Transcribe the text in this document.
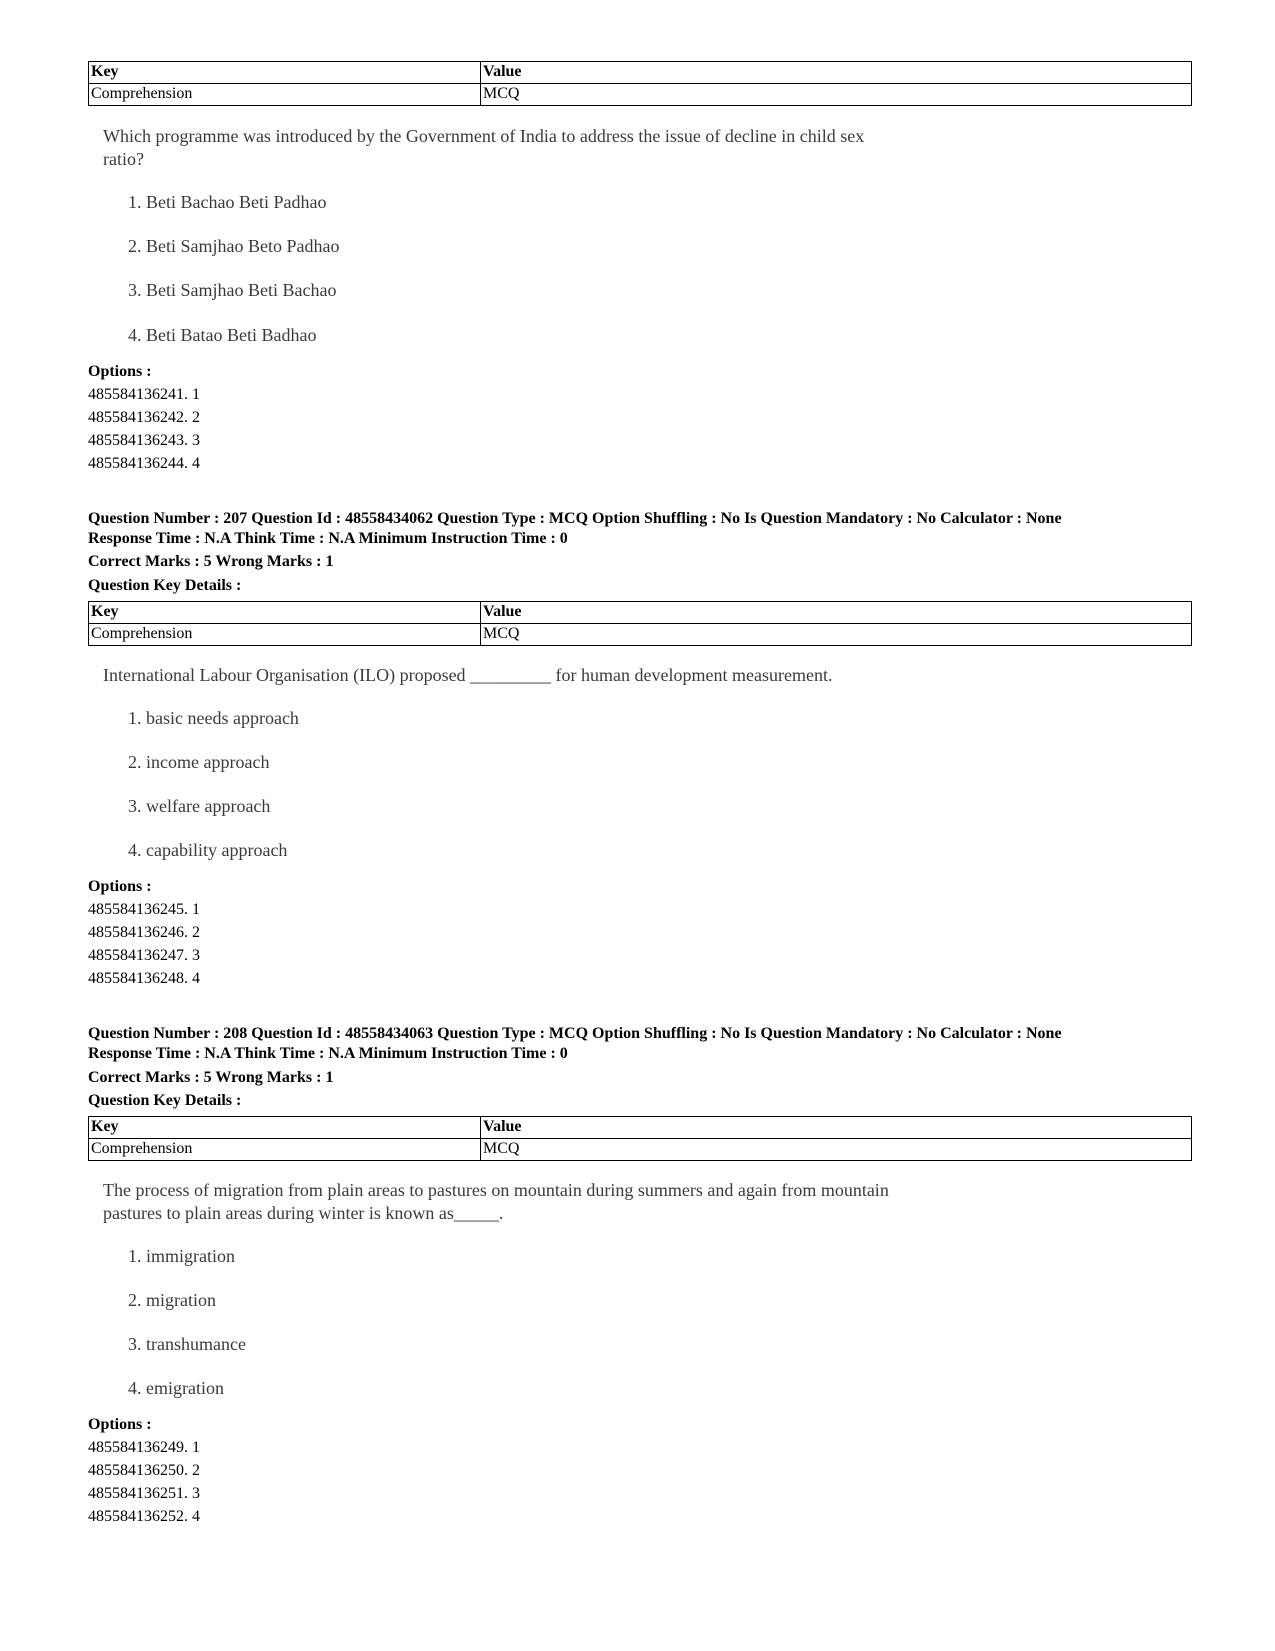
Key	Value
Comprehension	MCQ
Which programme was introduced by the Government of India to address the issue of decline in child sex
ratio?
1. Beti Bachao Beti Padhao
2. Beti Samjhao Beto Padhao
3. Beti Samjhao Beti Bachao
4. Beti Batao Beti Badhao
Options :
485584136241. 1
485584136242. 2
485584136243. 3
485584136244. 4
Question Number : 207 Question Id : 48558434062 Question Type : MCQ Option Shuffling : No Is Question Mandatory : No Calculator : None
Response Time : N.A Think Time : N.A Minimum Instruction Time : 0
Correct Marks : 5 Wrong Marks : 1
Question Key Details :
Key	Value
Comprehension	MCQ
International Labour Organisation (ILO) proposed _________ for human development measurement.
1. basic needs approach
2. income approach
3. welfare approach
4. capability approach
Options :
485584136245. 1
485584136246. 2
485584136247. 3
485584136248. 4
Question Number : 208 Question Id : 48558434063 Question Type : MCQ Option Shuffling : No Is Question Mandatory : No Calculator : None
Response Time : N.A Think Time : N.A Minimum Instruction Time : 0
Correct Marks : 5 Wrong Marks : 1
Question Key Details :
Key	Value
Comprehension	MCQ
The process of migration from plain areas to pastures on mountain during summers and again from mountain
pastures to plain areas during winter is known as_____.
1. immigration
2. migration
3. transhumance
4. emigration
Options :
485584136249. 1
485584136250. 2
485584136251. 3
485584136252. 4
